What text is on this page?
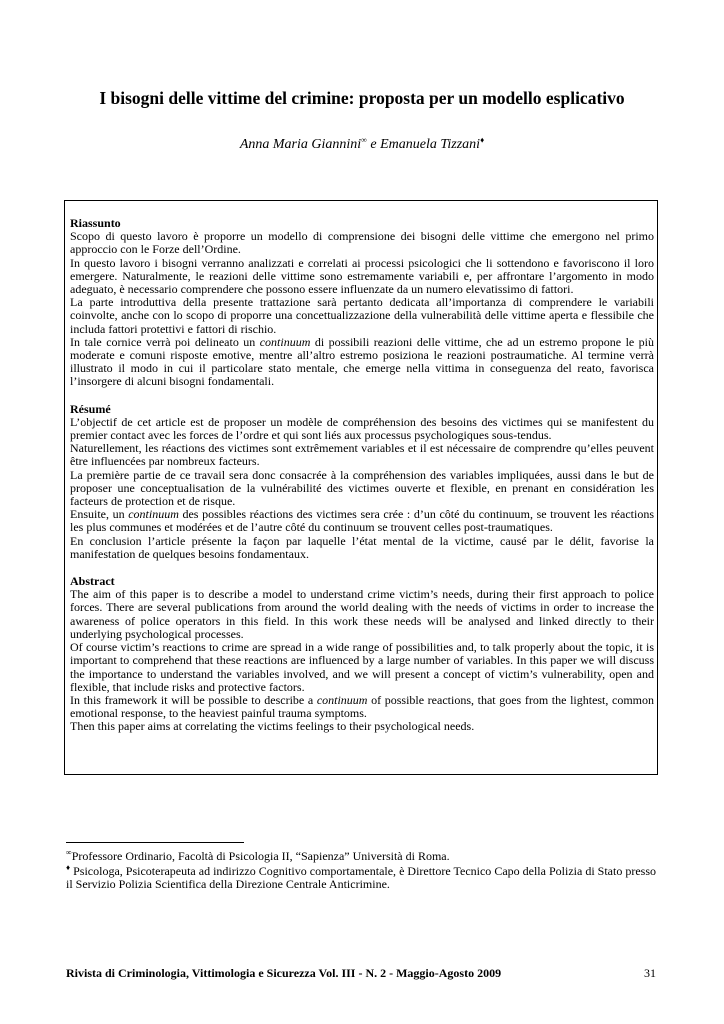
I bisogni delle vittime del crimine: proposta per un modello esplicativo
Anna Maria Giannini∞ e Emanuela Tizzani♦

Riassunto

Scopo di questo lavoro è proporre un modello di comprensione dei bisogni delle vittime che emergono nel primo approccio con le Forze dell’Ordine.

In questo lavoro i bisogni verranno analizzati e correlati ai processi psicologici che li sottendono e favoriscono il loro emergere. Naturalmente, le reazioni delle vittime sono estremamente variabili e, per affrontare l’argomento in modo adeguato, è necessario comprendere che possono essere influenzate da un numero elevatissimo di fattori.

La parte introduttiva della presente trattazione sarà pertanto dedicata all’importanza di comprendere le variabili coinvolte, anche con lo scopo di proporre una concettualizzazione della vulnerabilità delle vittime aperta e flessibile che includa fattori protettivi e fattori di rischio.

In tale cornice verrà poi delineato un continuum di possibili reazioni delle vittime, che ad un estremo propone le più moderate e comuni risposte emotive, mentre all’altro estremo posiziona le reazioni postraumatiche. Al termine verrà illustrato il modo in cui il particolare stato mentale, che emerge nella vittima in conseguenza del reato, favorisca l’insorgere di alcuni bisogni fondamentali.

Résumé

L’objectif de cet article est de proposer un modèle de compréhension des besoins des victimes qui se manifestent du premier contact avec les forces de l’ordre et qui sont liés aux processus psychologiques sous-tendus.

Naturellement, les réactions des victimes sont extrêmement variables et il est nécessaire de comprendre qu’elles peuvent être influencées par nombreux facteurs.

La première partie de ce travail sera donc consacrée à la compréhension des variables impliquées, aussi dans le but de proposer une conceptualisation de la vulnérabilité des victimes ouverte et flexible, en prenant en considération les facteurs de protection et de risque.

Ensuite, un continuum des possibles réactions des victimes sera crée : d’un côté du continuum, se trouvent les réactions les plus communes et modérées et de l’autre côté du continuum se trouvent celles post-traumatiques.

En conclusion l’article présente la façon par laquelle l’état mental de la victime, causé par le délit, favorise la manifestation de quelques besoins fondamentaux.

Abstract

The aim of this paper is to describe a model to understand crime victim’s needs, during their first approach to police forces. There are several publications from around the world dealing with the needs of victims in order to increase the awareness of police operators in this field. In this work these needs will be analysed and linked directly to their underlying psychological processes.

Of course victim’s reactions to crime are spread in a wide range of possibilities and, to talk properly about the topic, it is important to comprehend that these reactions are influenced by a large number of variables. In this paper we will discuss the importance to understand the variables involved, and we will present a concept of victim’s vulnerability, open and flexible, that include risks and protective factors.

In this framework it will be possible to describe a continuum of possible reactions, that goes from the lightest, common emotional response, to the heaviest painful trauma symptoms.

Then this paper aims at correlating the victims feelings to their psychological needs.

∞Professore Ordinario, Facoltà di Psicologia II, “Sapienza” Università di Roma.

♦ Psicologa, Psicoterapeuta ad indirizzo Cognitivo comportamentale, è Direttore Tecnico Capo della Polizia di Stato presso il Servizio Polizia Scientifica della Direzione Centrale Anticrimine.

Rivista di Criminologia, Vittimologia e Sicurezza Vol. III - N. 2 - Maggio-Agosto 2009	31
